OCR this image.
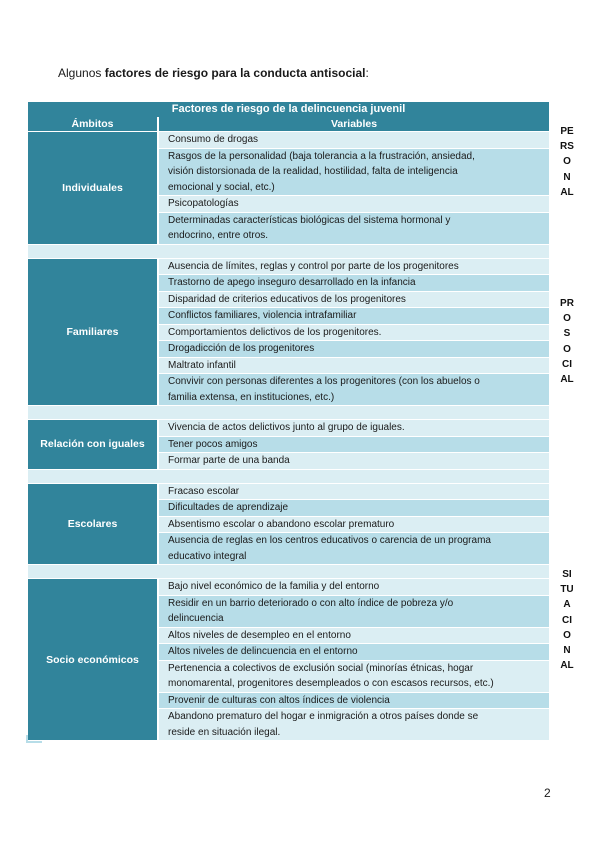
Algunos factores de riesgo para la conducta antisocial:
Factores de riesgo de la delincuencia juvenil
Ámbitos	Variables
Individuales
Consumo de drogas
Rasgos de la personalidad (baja tolerancia a la frustración, ansiedad,
visión distorsionada de la realidad, hostilidad, falta de inteligencia
emocional y social, etc.)
Psicopatologías
Determinadas características biológicas del sistema hormonal y
endocrino, entre otros.
Familiares
Ausencia de límites, reglas y control por parte de los progenitores
Trastorno de apego inseguro desarrollado en la infancia
Disparidad de criterios educativos de los progenitores
Conflictos familiares, violencia intrafamiliar
Comportamientos delictivos de los progenitores.
Drogadicción de los progenitores
Maltrato infantil
Convivir con personas diferentes a los progenitores (con los abuelos o
familia extensa, en instituciones, etc.)
Relación con iguales
Vivencia de actos delictivos junto al grupo de iguales.
Tener pocos amigos
Formar parte de una banda
Escolares
Fracaso escolar
Dificultades de aprendizaje
Absentismo escolar o abandono escolar prematuro
Ausencia de reglas en los centros educativos o carencia de un programa
educativo integral
Socio económicos
Bajo nivel económico de la familia y del entorno
Residir en un barrio deteriorado o con alto índice de pobreza y/o
delincuencia
Altos niveles de desempleo en el entorno
Altos niveles de delincuencia en el entorno
Pertenencia a colectivos de exclusión social (minorías étnicas, hogar
monomarental, progenitores desempleados o con escasos recursos, etc.)
Provenir de culturas con altos índices de violencia
Abandono prematuro del hogar e inmigración a otros países donde se
reside en situación ilegal.
PERSONAL
PROSOCIAL
SITUACIONAL
2
